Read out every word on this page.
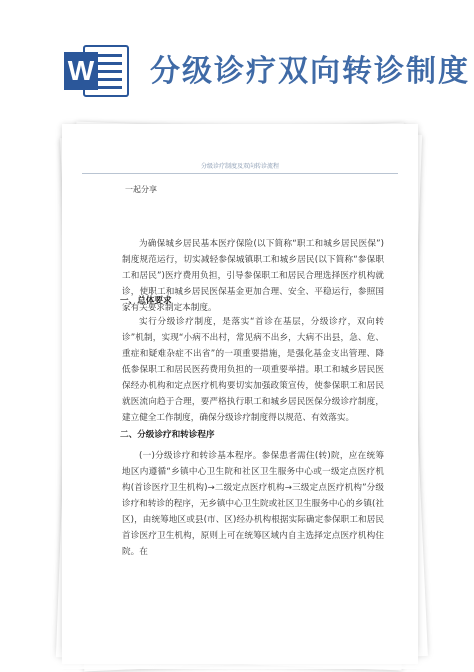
W 分级诊疗双向转诊制度
分级诊疗制度及双向转诊流程
一起分享

为确保城乡居民基本医疗保险(以下简称“职工和城乡居民医保”)制度规范运行，切实减轻参保城镇职工和城乡居民(以下简称“参保职工和居民”)医疗费用负担，引导参保职工和居民合理选择医疗机构就诊，使职工和城乡居民医保基金更加合理、安全、平稳运行，参照国家有关要求制定本制度。

一、总体要求

实行分级诊疗制度，是落实“首诊在基层，分级诊疗，双向转诊”机制，实现“小病不出村，常见病不出乡，大病不出县，急、危、重症和疑难杂症不出省”的一项重要措施，是强化基金支出管理、降低参保职工和居民医药费用负担的一项重要举措。职工和城乡居民医保经办机构和定点医疗机构要切实加强政策宣传，使参保职工和居民就医流向趋于合理，要严格执行职工和城乡居民医保分级诊疗制度，建立健全工作制度，确保分级诊疗制度得以规范、有效落实。

二、分级诊疗和转诊程序

(一)分级诊疗和转诊基本程序。参保患者需住(转)院，应在统筹地区内遵循“乡镇中心卫生院和社区卫生服务中心或一级定点医疗机构(首诊医疗卫生机构)→二级定点医疗机构→三级定点医疗机构”分级诊疗和转诊的程序，无乡镇中心卫生院或社区卫生服务中心的乡镇(社区)，由统筹地区或县(市、区)经办机构根据实际确定参保职工和居民首诊医疗卫生机构，原则上可在统筹区域内自主选择定点医疗机构住院。在
